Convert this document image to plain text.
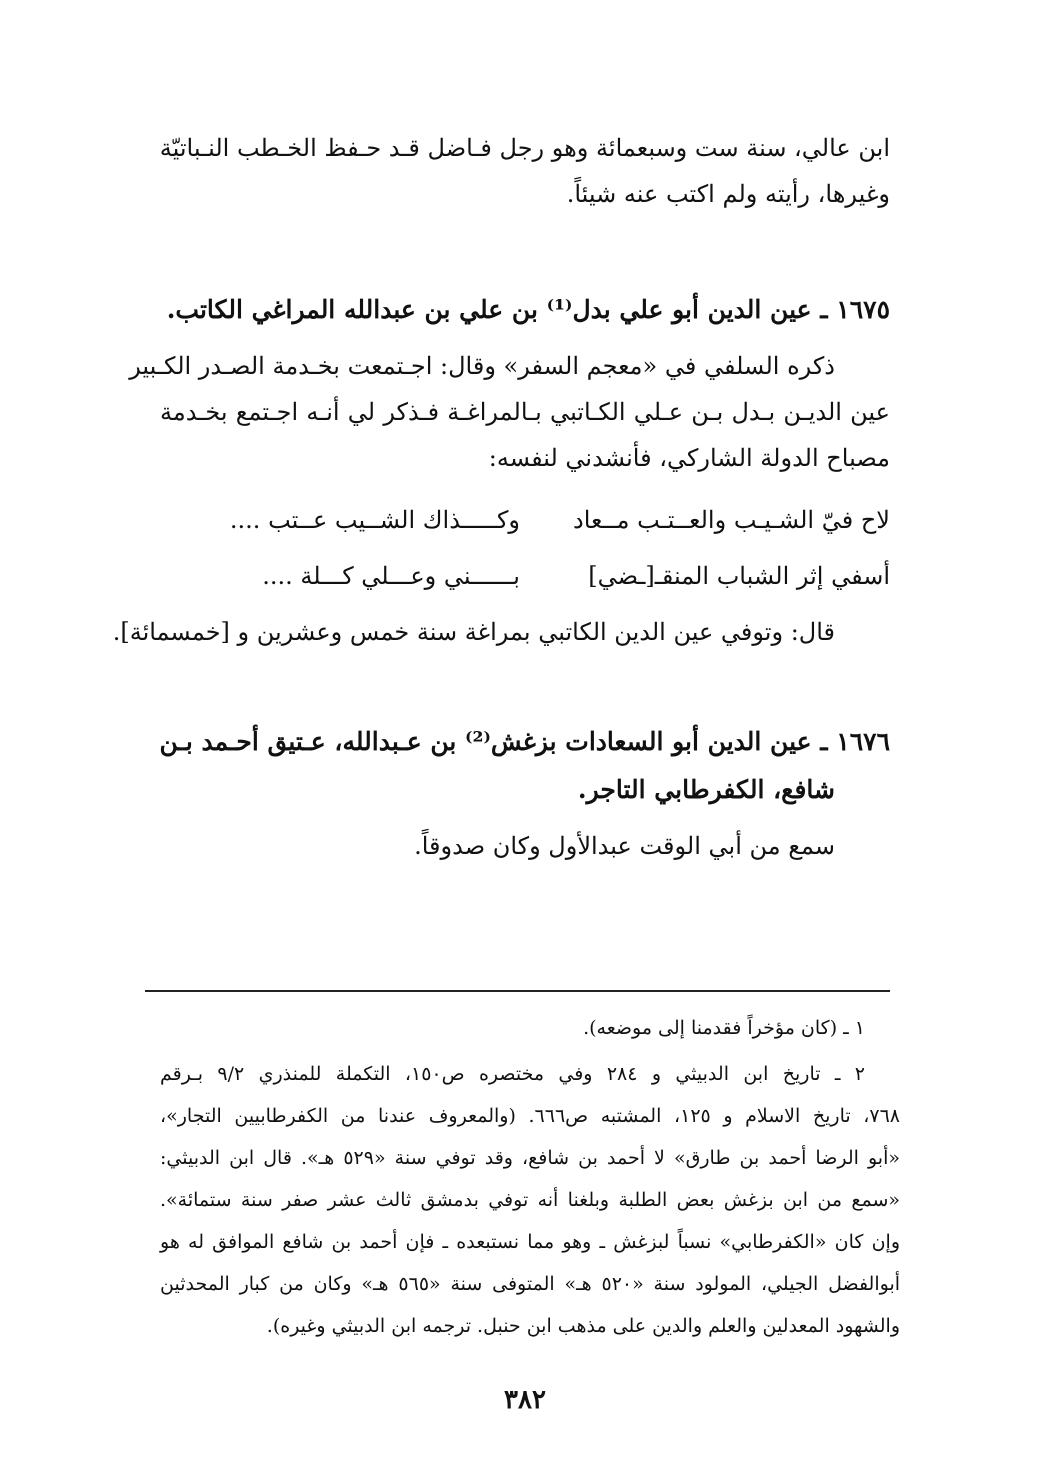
ابن عالي، سنة ست وسبعمائة وهو رجل فـاضل قـد حـفظ الخـطب النـباتيّة
وغيرها، رأيته ولم اكتب عنه شيئاً.
١٦٧٥ ـ عين الدين أبو علي بدل⁽¹⁾ بن علي بن عبدالله المراغي الكاتب.
ذكره السلفي في «معجم السفر» وقال: اجـتمعت بخـدمة الصـدر الكـبير
عين الديـن بـدل بـن عـلي الكـاتبي بـالمراغـة فـذكر لي أنـه اجـتمع بخـدمة
مصباح الدولة الشاركي، فأنشدني لنفسه:
لاح فيّ الشـيـب والعــتـب مــعاد
وكـــــذاك الشــيب عــتب ....
أسفي إثر الشباب المنقـ[ـضي]
بــــــني وعـــلي كـــلة ....
قال: وتوفي عين الدين الكاتبي بمراغة سنة خمس وعشرين و [خمسمائة].
١٦٧٦ ـ عين الدين أبو السعادات بزغش⁽²⁾ بن عـبدالله، عـتيق أحـمد بـن
شافع، الكفرطابي التاجر.
سمع من أبي الوقت عبدالأول وكان صدوقاً.
١ ـ (كان مؤخراً فقدمنا إلى موضعه).
٢ ـ تاريخ ابن الدبيثي و ٢٨٤ وفي مختصره ص١٥٠، التكملة للمنذري ٩/٢ بـرقم
٧٦٨، تاريخ الاسلام و ١٢٥، المشتبه ص٦٦٦. (والمعروف عندنا من الكفرطابيين التجار»،
«أبو الرضا أحمد بن طارق» لا أحمد بن شافع، وقد توفي سنة «٥٢٩ هـ». قال ابن الدبيثي:
«سمع من ابن بزغش بعض الطلبة وبلغنا أنه توفي بدمشق ثالث عشر صفر سنة ستمائة».
وإن كان «الكفرطابي» نسباً لبزغش ـ وهو مما نستبعده ـ فإن أحمد بن شافع الموافق له هو
أبوالفضل الجيلي، المولود سنة «٥٢٠ هـ» المتوفى سنة «٥٦٥ هـ» وكان من كبار المحدثين
والشهود المعدلين والعلم والدين على مذهب ابن حنبل. ترجمه ابن الدبيثي وغيره).
٣٨٢
